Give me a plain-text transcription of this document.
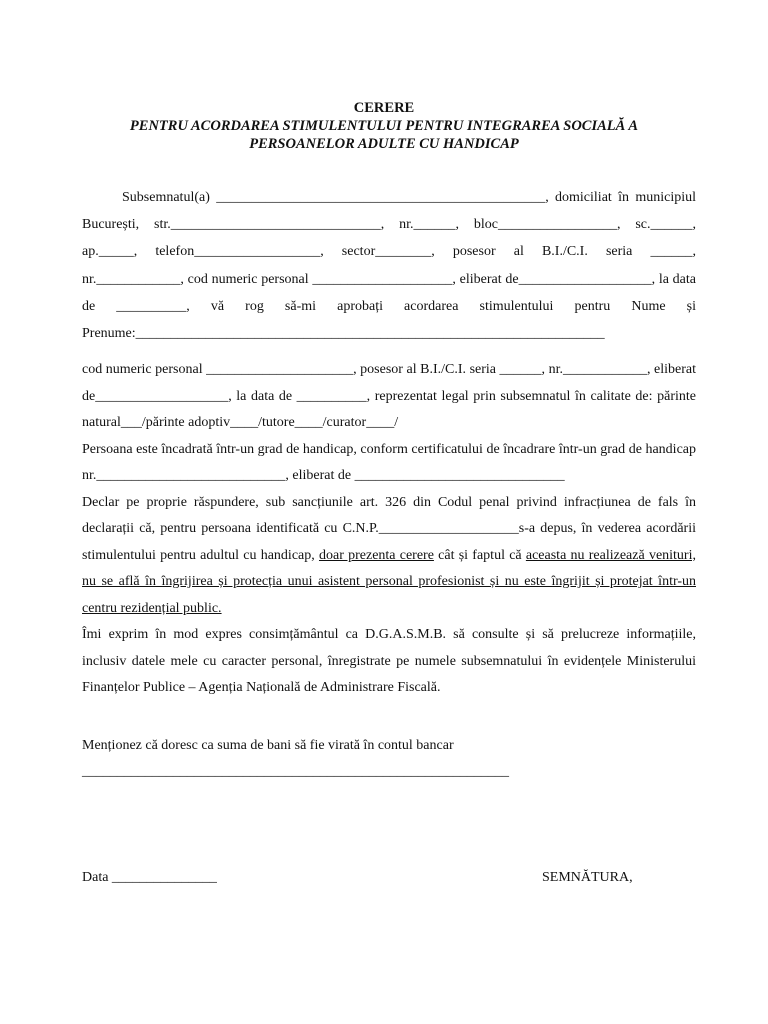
CERERE
PENTRU ACORDAREA STIMULENTULUI PENTRU INTEGRAREA SOCIALĂ A
PERSOANELOR ADULTE CU HANDICAP

Subsemnatul(a) _______________________________________________, domiciliat în municipiul București, str.______________________________, nr.______, bloc_________________, sc.______, ap._____, telefon__________________, sector________, posesor al B.I./C.I. seria ______, nr.____________, cod numeric personal ____________________, eliberat de___________________, la data de __________, vă rog să-mi aprobați acordarea stimulentului pentru Nume și Prenume:___________________________________________________________________

cod numeric personal _____________________, posesor al B.I./C.I. seria ______, nr.____________, eliberat de___________________, la data de __________, reprezentat legal prin subsemnatul în calitate de: părinte natural___/părinte adoptiv____/tutore____/curator____/

Persoana este încadrată într-un grad de handicap, conform certificatului de încadrare într-un grad de handicap nr.___________________________, eliberat de ______________________________

Declar pe proprie răspundere, sub sancțiunile art. 326 din Codul penal privind infracțiunea de fals în declarații că, pentru persoana identificată cu C.N.P.____________________s-a depus, în vederea acordării stimulentului pentru adultul cu handicap, doar prezenta cerere cât și faptul că aceasta nu realizează venituri, nu se află în îngrijirea și protecția unui asistent personal profesionist și nu este îngrijit și protejat într-un centru rezidențial public.

Îmi exprim în mod expres consimțământul ca D.G.A.S.M.B. să consulte și să prelucreze informațiile, inclusiv datele mele cu caracter personal, înregistrate pe numele subsemnatului în evidențele Ministerului Finanțelor Publice – Agenția Națională de Administrare Fiscală.

Menționez că doresc ca suma de bani să fie virată în contul bancar

_____________________________________________________________

Data _______________	SEMNĂTURA,
